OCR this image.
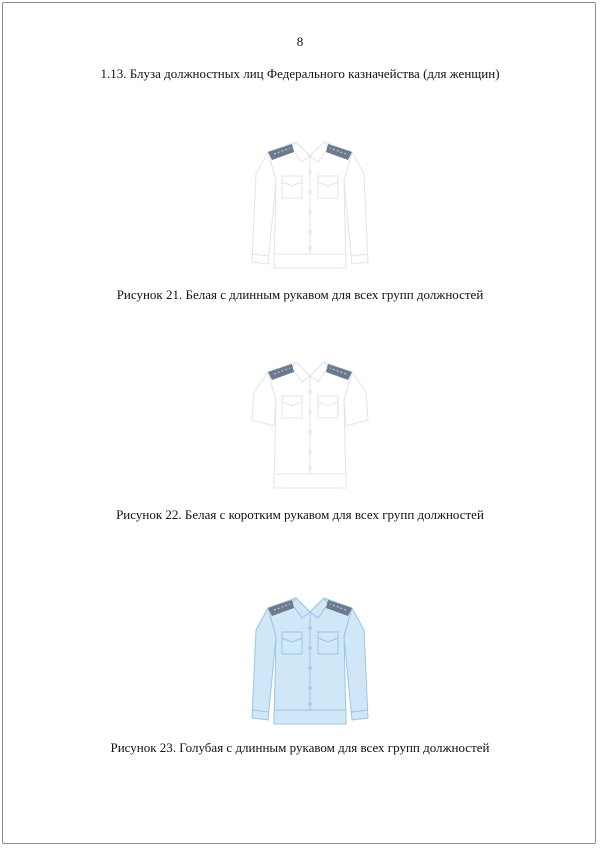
8
1.13. Блуза должностных лиц Федерального казначейства (для женщин)
Рисунок 21. Белая с длинным рукавом для всех групп должностей
Рисунок 22. Белая с коротким рукавом для всех групп должностей
Рисунок 23. Голубая с длинным рукавом для всех групп должностей
